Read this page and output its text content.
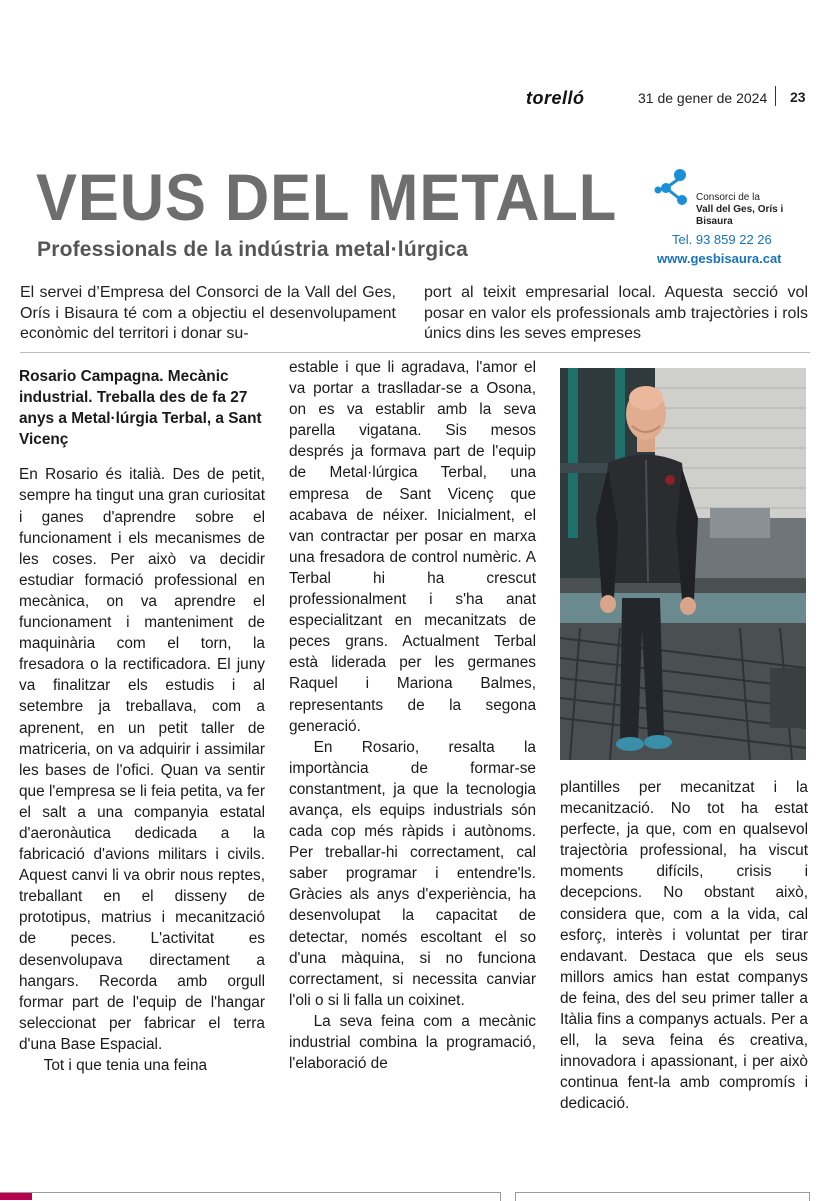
torelló	31 de gener de 2024 23
VEUS DEL METALL
Professionals de la indústria metal·lúrgica
Consorci de la
Vall del Ges, Orís i
Bisaura
Tel. 93 859 22 26
www.gesbisaura.cat

El servei d’Empresa del Consorci de la Vall del Ges, Orís i Bisaura té com a objectiu el desenvolupament econòmic del territori i donar su-

port al teixit empresarial local. Aquesta secció vol posar en valor els professionals amb trajectòries i rols únics dins les seves empreses

Rosario Campagna. Mecànic industrial. Treballa des de fa 27 anys a Metal·lúrgia Terbal, a Sant Vicenç

En Rosario és italià. Des de petit, sempre ha tingut una gran curiositat i ganes d'aprendre sobre el funcionament i els mecanismes de les coses. Per això va decidir estudiar formació professional en mecànica, on va aprendre el funcionament i manteniment de maquinària com el torn, la fresadora o la rectificadora. El juny va finalitzar els estudis i al setembre ja treballava, com a aprenent, en un petit taller de matriceria, on va adquirir i assimilar les bases de l'ofici. Quan va sentir que l'empresa se li feia petita, va fer el salt a una companyia estatal d'aeronàutica dedicada a la fabricació d'avions militars i civils. Aquest canvi li va obrir nous reptes, treballant en el disseny de prototipus, matrius i mecanització de peces. L'activitat es desenvolupava directament a hangars. Recorda amb orgull formar part de l'equip de l'hangar seleccionat per fabricar el terra d'una Base Espacial.

Tot i que tenia una feina

estable i que li agradava, l'amor el va portar a traslladar-se a Osona, on es va establir amb la seva parella vigatana. Sis mesos després ja formava part de l'equip de Metal·lúrgica Terbal, una empresa de Sant Vicenç que acabava de néixer. Inicialment, el van contractar per posar en marxa una fresadora de control numèric. A Terbal hi ha crescut professionalment i s'ha anat especialitzant en mecanitzats de peces grans. Actualment Terbal està liderada per les germanes Raquel i Mariona Balmes, representants de la segona generació.

En Rosario, resalta la importància de formar-se constantment, ja que la tecnologia avança, els equips industrials són cada cop més ràpids i autònoms. Per treballar-hi correctament, cal saber programar i entendre'ls. Gràcies als anys d'experiència, ha desenvolupat la capacitat de detectar, només escoltant el so d'una màquina, si no funciona correctament, si necessita canviar l'oli o si li falla un coixinet.

La seva feina com a mecànic industrial combina la programació, l'elaboració de

plantilles per mecanitzat i la mecanització. No tot ha estat perfecte, ja que, com en qualsevol trajectòria professional, ha viscut moments difícils, crisis i decepcions. No obstant això, considera que, com a la vida, cal esforç, interès i voluntat per tirar endavant. Destaca que els seus millors amics han estat companys de feina, des del seu primer taller a Itàlia fins a companys actuals. Per a ell, la seva feina és creativa, innovadora i apassionant, i per això continua fent-la amb compromís i dedicació.
